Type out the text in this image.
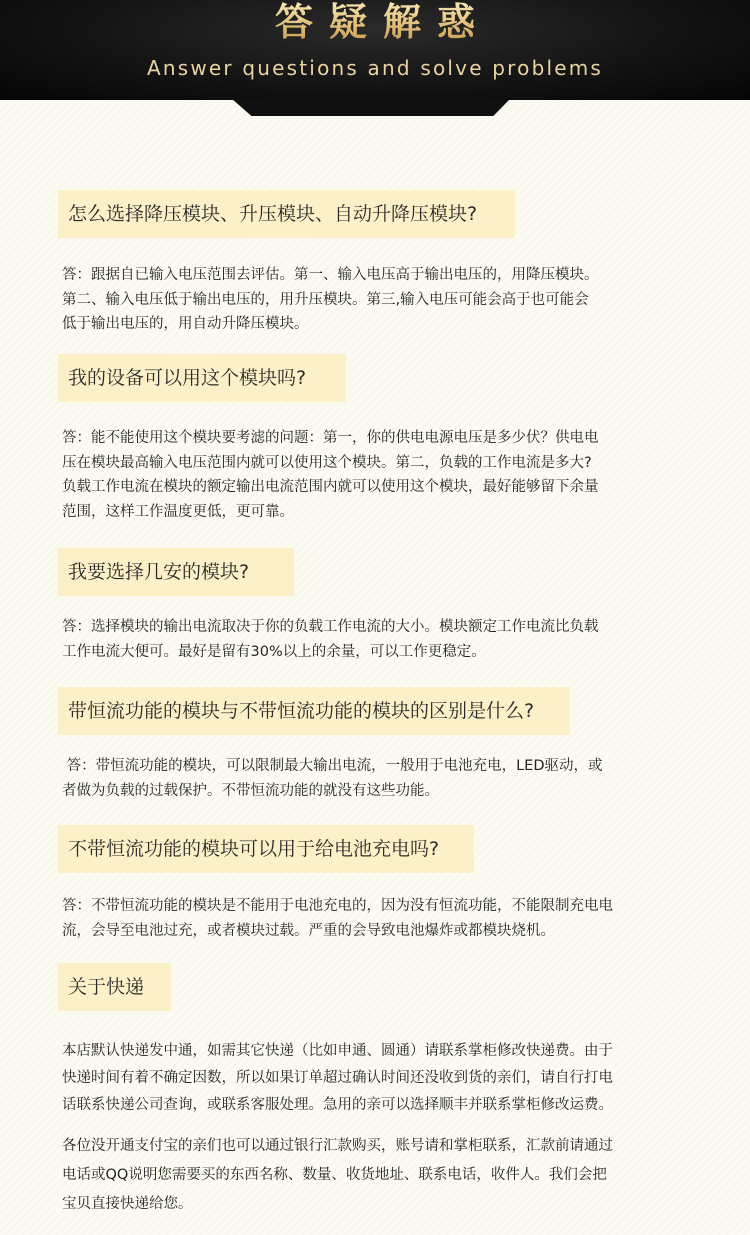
答疑解惑
Answer questions and solve problems
怎么选择降压模块、升压模块、自动升降压模块?
答：跟据自已输入电压范围去评估。第一、输入电压高于输出电压的，用降压模块。
第二、输入电压低于输出电压的，用升压模块。第三,输入电压可能会高于也可能会
低于输出电压的，用自动升降压模块。
我的设备可以用这个模块吗?
答：能不能使用这个模块要考滤的问题：第一，你的供电电源电压是多少伏？供电电
压在模块最高输入电压范围内就可以使用这个模块。第二，负载的工作电流是多大?
负载工作电流在模块的额定输出电流范围内就可以使用这个模块，最好能够留下余量
范围，这样工作温度更低，更可靠。
我要选择几安的模块?
答：选择模块的输出电流取决于你的负载工作电流的大小。模块额定工作电流比负载
工作电流大便可。最好是留有30%以上的余量，可以工作更稳定。
带恒流功能的模块与不带恒流功能的模块的区别是什么?
答：带恒流功能的模块，可以限制最大输出电流，一般用于电池充电，LED驱动，或
者做为负载的过载保护。不带恒流功能的就没有这些功能。
不带恒流功能的模块可以用于给电池充电吗?
答：不带恒流功能的模块是不能用于电池充电的，因为没有恒流功能，不能限制充电电
流，会导至电池过充，或者模块过载。严重的会导致电池爆炸或都模块烧机。
关于快递
本店默认快递发中通，如需其它快递（比如申通、圆通）请联系掌柜修改快递费。由于
快递时间有着不确定因数，所以如果订单超过确认时间还没收到货的亲们，请自行打电
话联系快递公司查询，或联系客服处理。急用的亲可以选择顺丰并联系掌柜修改运费。
各位没开通支付宝的亲们也可以通过银行汇款购买，账号请和掌柜联系，汇款前请通过
电话或QQ说明您需要买的东西名称、数量、收货地址、联系电话，收件人。我们会把
宝贝直接快递给您。
